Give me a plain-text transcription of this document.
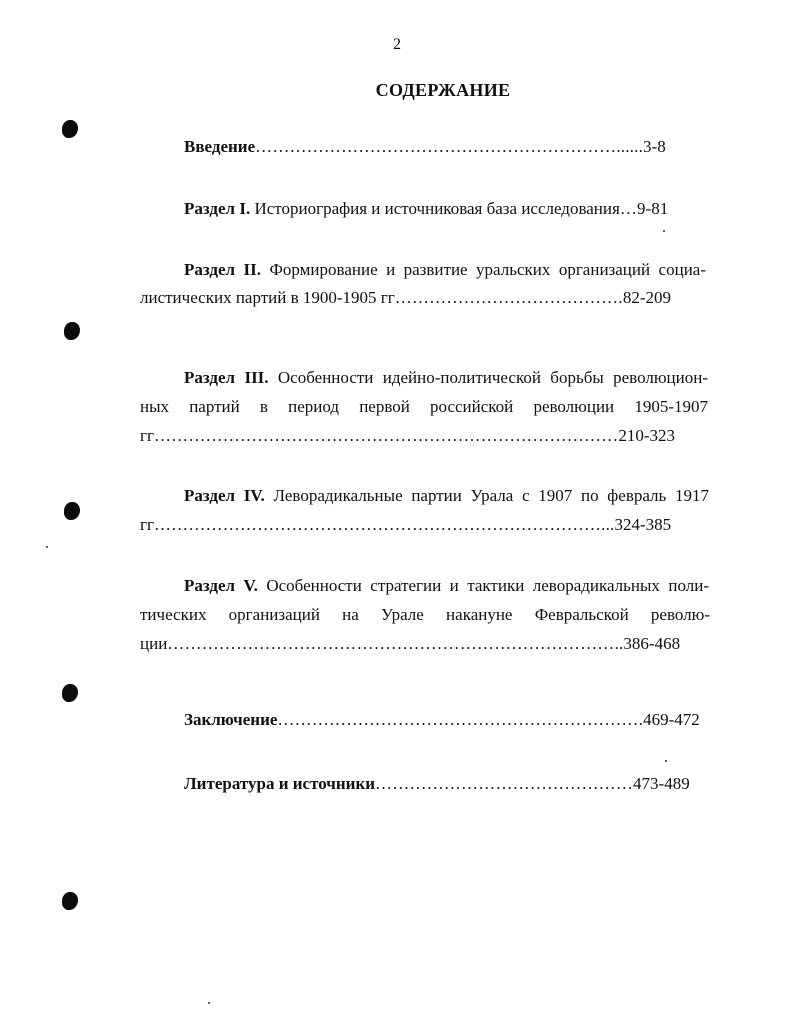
2
СОДЕРЖАНИЕ
Введение………………………………………………………......3-8
Раздел I. Историография и источниковая база исследования…9-81
Раздел II. Формирование и развитие уральских организаций социа-
листических партий в 1900-1905 гг………………………………….82-209
Раздел III. Особенности идейно-политической борьбы революцион-
ных партий в период первой российской революции 1905-1907
гг………………………………………………………………………210-323
Раздел IV. Леворадикальные партии Урала с 1907 по февраль 1917
гг……………………………………………………………………...324-385
Раздел V. Особенности стратегии и тактики леворадикальных поли-
тических организаций на Урале накануне Февральской револю-
ции……………………………………………………………………..386-468
Заключение……………………………………………………….469-472
Литература и источники………………………………………473-489
